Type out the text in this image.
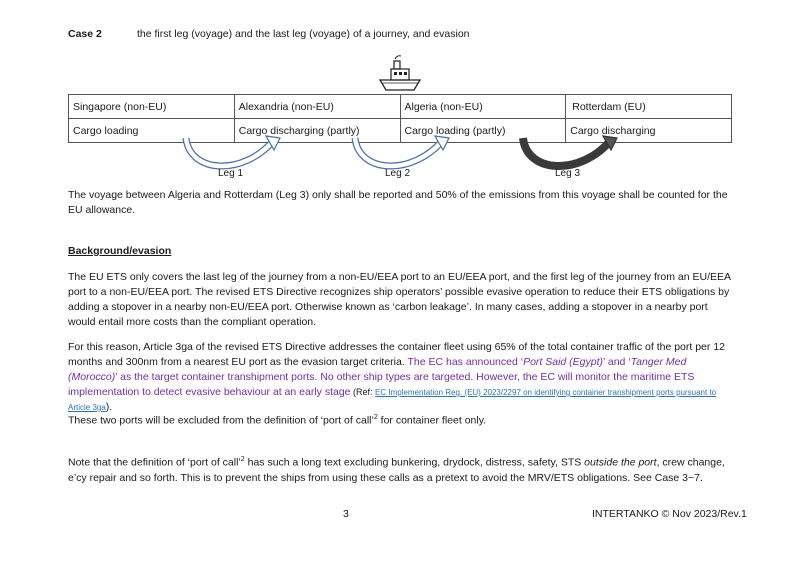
Case 2	the first leg (voyage) and the last leg (voyage) of a journey, and evasion
Singapore (non-EU)	Alexandria (non-EU)	Algeria (non-EU)	Rotterdam (EU)
Cargo loading	Cargo discharging (partly)	Cargo loading (partly)	Cargo discharging
Leg 1	Leg 2	Leg 3

The voyage between Algeria and Rotterdam (Leg 3) only shall be reported and 50% of the emissions from this voyage shall be counted for the EU allowance.

Background/evasion

The EU ETS only covers the last leg of the journey from a non-EU/EEA port to an EU/EEA port, and the first leg of the journey from an EU/EEA port to a non-EU/EEA port. The revised ETS Directive recognizes ship operators’ possible evasive operation to reduce their ETS obligations by adding a stopover in a nearby non-EU/EEA port. Otherwise known as ‘carbon leakage’. In many cases, adding a stopover in a nearby port would entail more costs than the compliant operation.

For this reason, Article 3ga of the revised ETS Directive addresses the container fleet using 65% of the total container traffic of the port per 12 months and 300nm from a nearest EU port as the evasion target criteria. The EC has announced ‘Port Said (Egypt)’ and ‘Tanger Med (Morocco)’ as the target container transhipment ports. No other ship types are targeted. However, the EC will monitor the maritime ETS implementation to detect evasive behaviour at an early stage (Ref: EC Implementation Reg. (EU) 2023/2297 on identifying container transhipment ports pursuant to Article 3ga).

These two ports will be excluded from the definition of ‘port of call’$^2$ for container fleet only.

Note that the definition of ‘port of call’$^2$ has such a long text excluding bunkering, drydock, distress, safety, STS outside the port, crew change, e’cy repair and so forth. This is to prevent the ships from using these calls as a pretext to avoid the MRV/ETS obligations. See Case 3~7.

3	INTERTANKO © Nov 2023/Rev.1
